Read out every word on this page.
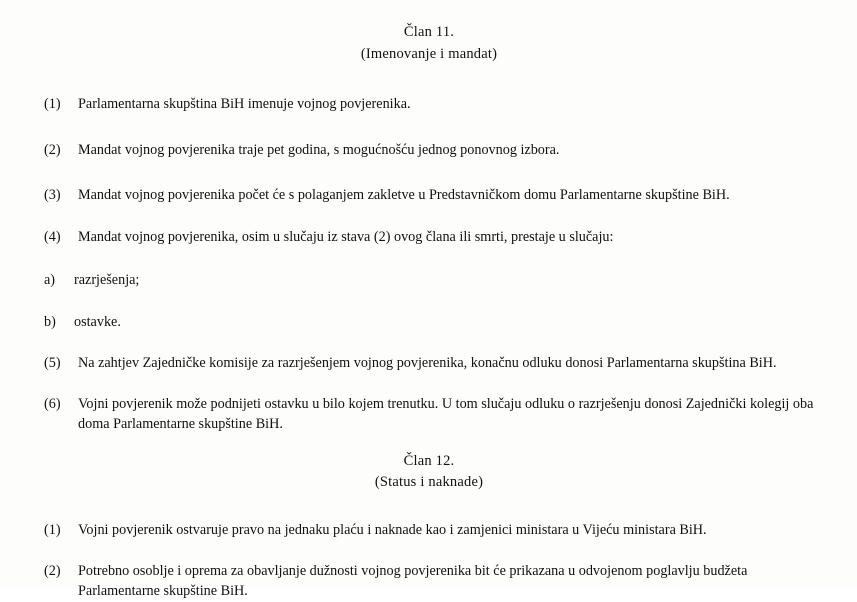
Član 11.
(Imenovanje i mandat)
(1)	Parlamentarna skupština BiH imenuje vojnog povjerenika.
(2)	Mandat vojnog povjerenika traje pet godina, s mogućnošću jednog ponovnog izbora.
(3)	Mandat vojnog povjerenika počet će s polaganjem zakletve u Predstavničkom domu Parlamentarne skupštine BiH.
(4)	Mandat vojnog povjerenika, osim u slučaju iz stava (2) ovog člana ili smrti, prestaje u slučaju:
a)	razrješenja;
b)	ostavke.
(5)	Na zahtjev Zajedničke komisije za razrješenjem vojnog povjerenika, konačnu odluku donosi Parlamentarna skupština BiH.
(6)	Vojni povjerenik može podnijeti ostavku u bilo kojem trenutku. U tom slučaju odluku o razrješenju donosi Zajednički kolegij oba doma Parlamentarne skupštine BiH.
Član 12.
(Status i naknade)
(1)	Vojni povjerenik ostvaruje pravo na jednaku plaću i naknade kao i zamjenici ministara u Vijeću ministara BiH.
(2)	Potrebno osoblje i oprema za obavljanje dužnosti vojnog povjerenika bit će prikazana u odvojenom poglavlju budžeta Parlamentarne skupštine BiH.
